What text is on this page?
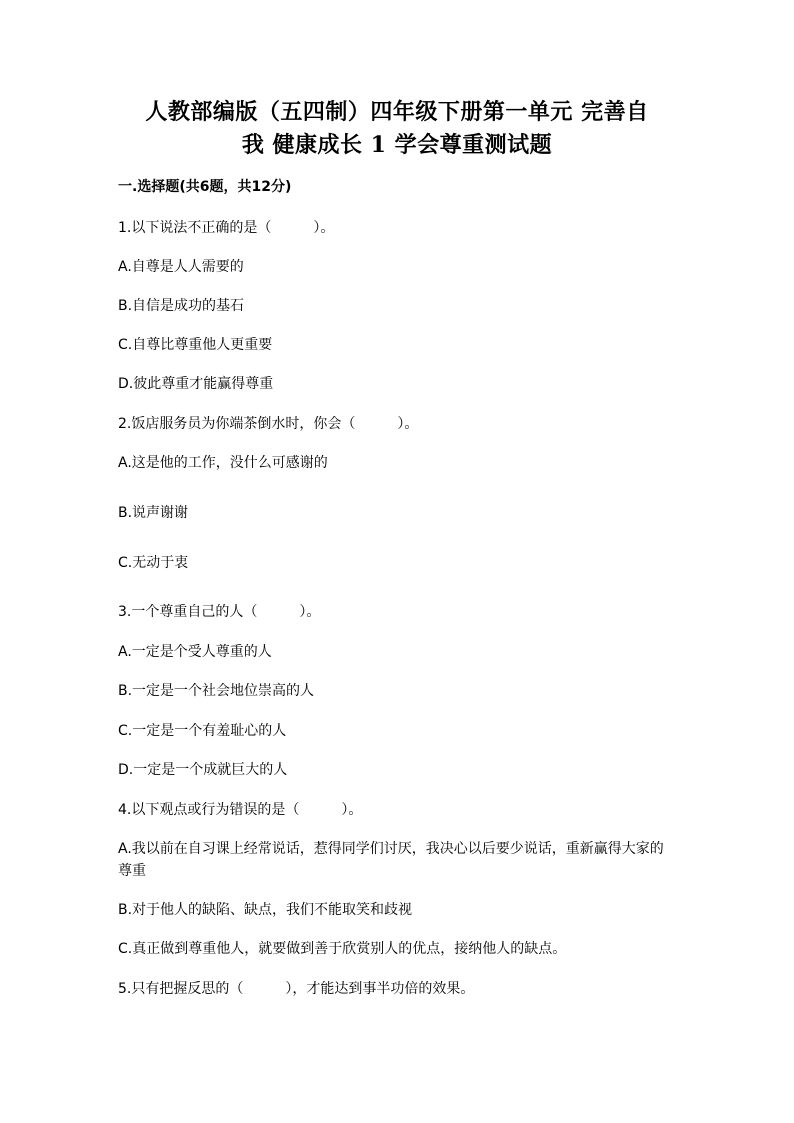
人教部编版（五四制）四年级下册第一单元 完善自
我 健康成长 1 学会尊重测试题
一.选择题(共6题，共12分)
1.以下说法不正确的是（　　　）。
A.自尊是人人需要的
B.自信是成功的基石
C.自尊比尊重他人更重要
D.彼此尊重才能赢得尊重
2.饭店服务员为你端茶倒水时，你会（　　　）。
A.这是他的工作，没什么可感谢的
B.说声谢谢
C.无动于衷
3.一个尊重自己的人（　　　）。
A.一定是个受人尊重的人
B.一定是一个社会地位崇高的人
C.一定是一个有羞耻心的人
D.一定是一个成就巨大的人
4.以下观点或行为错误的是（　　　）。
A.我以前在自习课上经常说话，惹得同学们讨厌，我决心以后要少说话，重新赢得大家的尊重
B.对于他人的缺陷、缺点，我们不能取笑和歧视
C.真正做到尊重他人，就要做到善于欣赏别人的优点，接纳他人的缺点。
5.只有把握反思的（　　　），才能达到事半功倍的效果。
